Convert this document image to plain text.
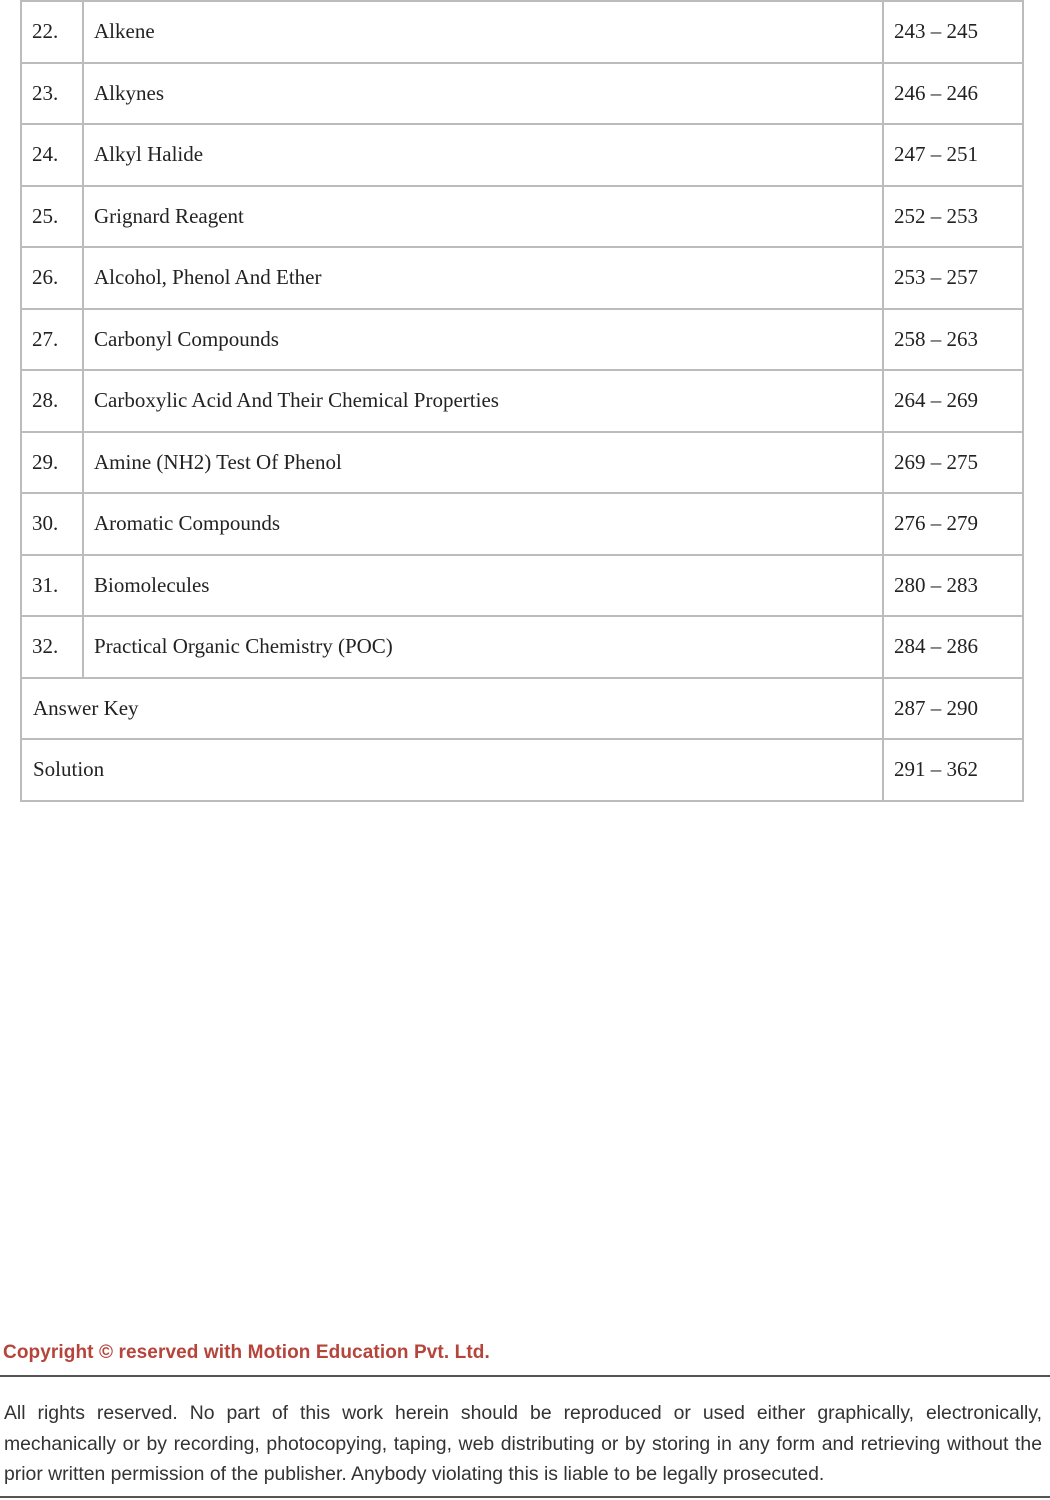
22.	Alkene	243 – 245
23.	Alkynes	246 – 246
24.	Alkyl Halide	247 – 251
25.	Grignard Reagent	252 – 253
26.	Alcohol, Phenol And Ether	253 – 257
27.	Carbonyl Compounds	258 – 263
28.	Carboxylic Acid And Their Chemical Properties	264 – 269
29.	Amine (NH2) Test Of Phenol	269 – 275
30.	Aromatic Compounds	276 – 279
31.	Biomolecules	280 – 283
32.	Practical Organic Chemistry (POC)	284 – 286
Answer Key		287 – 290
Solution		291 – 362
Copyright © reserved with Motion Education Pvt. Ltd.
All rights reserved. No part of this work herein should be reproduced or used either graphically, electronically, mechanically or by recording, photocopying, taping, web distributing or by storing in any form and retrieving without the prior written permission of the publisher. Anybody violating this is liable to be legally prosecuted.
